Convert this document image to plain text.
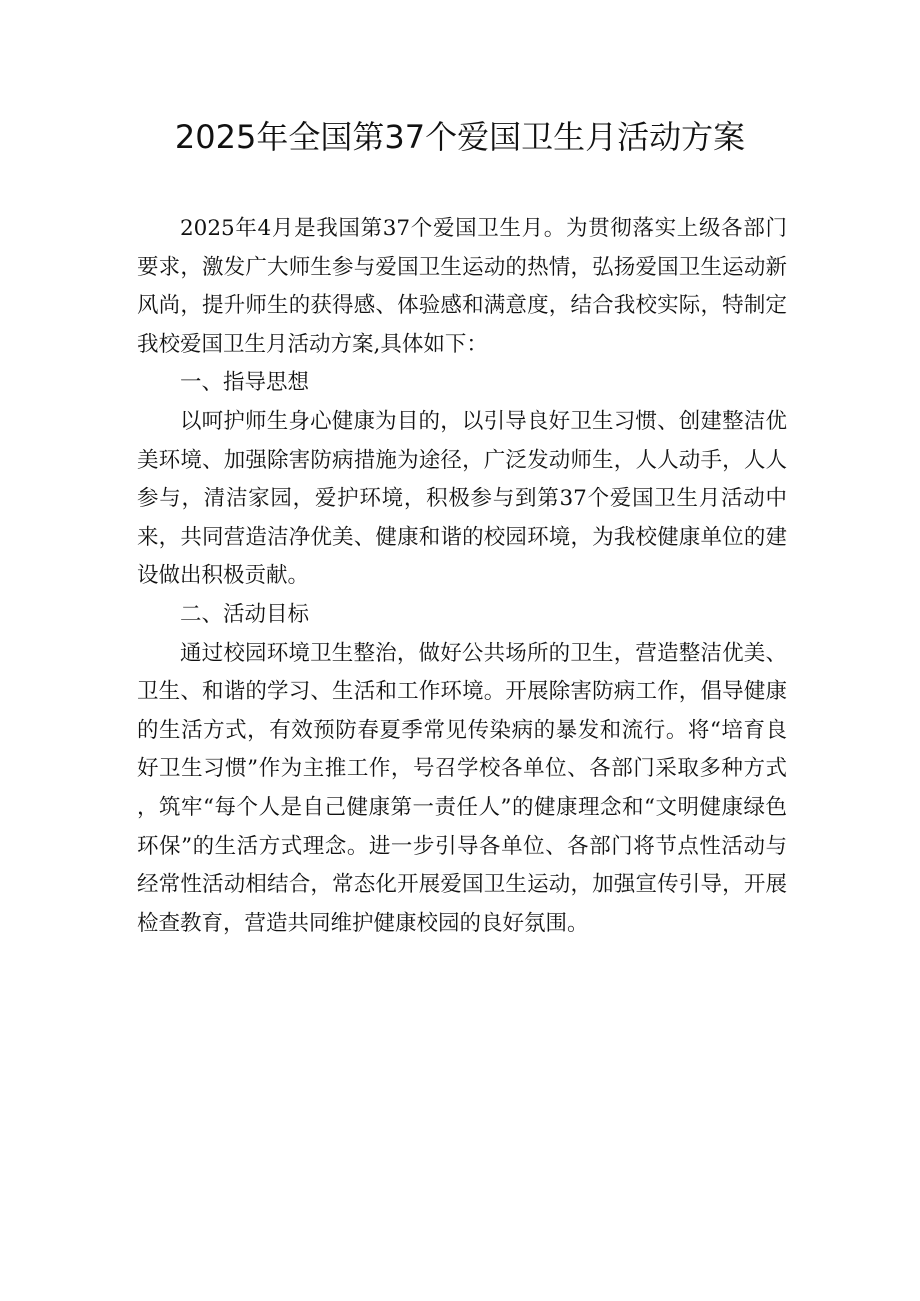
2025年全国第37个爱国卫生月活动方案

2025年4月是我国第37个爱国卫生月。为贯彻落实上级各部门要求，激发广大师生参与爱国卫生运动的热情，弘扬爱国卫生运动新风尚，提升师生的获得感、体验感和满意度，结合我校实际，特制定我校爱国卫生月活动方案,具体如下：

一、指导思想

以呵护师生身心健康为目的，以引导良好卫生习惯、创建整洁优美环境、加强除害防病措施为途径，广泛发动师生，人人动手，人人参与，清洁家园，爱护环境，积极参与到第37个爱国卫生月活动中来，共同营造洁净优美、健康和谐的校园环境，为我校健康单位的建设做出积极贡献。

二、活动目标

通过校园环境卫生整治，做好公共场所的卫生，营造整洁优美、卫生、和谐的学习、生活和工作环境。开展除害防病工作，倡导健康的生活方式，有效预防春夏季常见传染病的暴发和流行。将“培育良好卫生习惯”作为主推工作，号召学校各单位、各部门采取多种方式，筑牢“每个人是自己健康第一责任人”的健康理念和“文明健康绿色环保”的生活方式理念。进一步引导各单位、各部门将节点性活动与经常性活动相结合，常态化开展爱国卫生运动，加强宣传引导，开展检查教育，营造共同维护健康校园的良好氛围。
